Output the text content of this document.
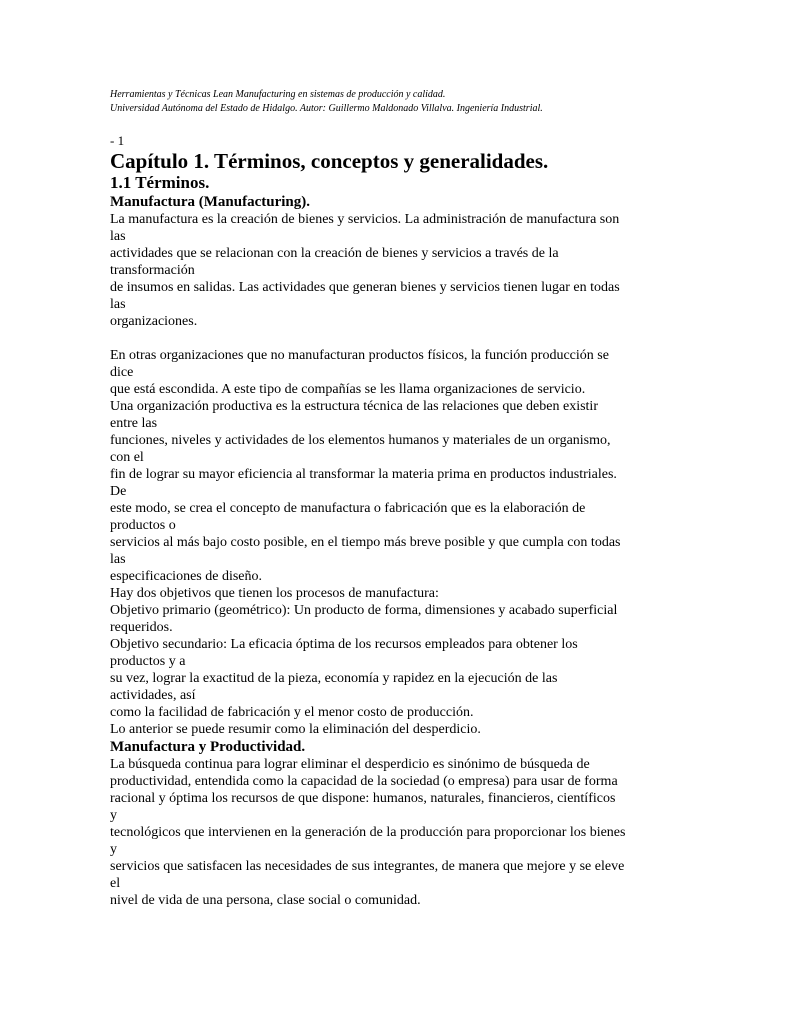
Herramientas y Técnicas Lean Manufacturing en sistemas de producción y calidad.
Universidad Autónoma del Estado de Hidalgo. Autor: Guillermo Maldonado Villalva. Ingeniería Industrial.
- 1
Capítulo 1. Términos, conceptos y generalidades.
1.1 Términos.
Manufactura (Manufacturing).
La manufactura es la creación de bienes y servicios. La administración de manufactura son
las
actividades que se relacionan con la creación de bienes y servicios a través de la
transformación
de insumos en salidas. Las actividades que generan bienes y servicios tienen lugar en todas
las
organizaciones.
En otras organizaciones que no manufacturan productos físicos, la función producción se
dice
que está escondida. A este tipo de compañías se les llama organizaciones de servicio.
Una organización productiva es la estructura técnica de las relaciones que deben existir
entre las
funciones, niveles y actividades de los elementos humanos y materiales de un organismo,
con el
fin de lograr su mayor eficiencia al transformar la materia prima en productos industriales.
De
este modo, se crea el concepto de manufactura o fabricación que es la elaboración de
productos o
servicios al más bajo costo posible, en el tiempo más breve posible y que cumpla con todas
las
especificaciones de diseño.
Hay dos objetivos que tienen los procesos de manufactura:
Objetivo primario (geométrico): Un producto de forma, dimensiones y acabado superficial
requeridos.
Objetivo secundario: La eficacia óptima de los recursos empleados para obtener los
productos y a
su vez, lograr la exactitud de la pieza, economía y rapidez en la ejecución de las
actividades, así
como la facilidad de fabricación y el menor costo de producción.
Lo anterior se puede resumir como la eliminación del desperdicio.
Manufactura y Productividad.
La búsqueda continua para lograr eliminar el desperdicio es sinónimo de búsqueda de
productividad, entendida como la capacidad de la sociedad (o empresa) para usar de forma
racional y óptima los recursos de que dispone: humanos, naturales, financieros, científicos
y
tecnológicos que intervienen en la generación de la producción para proporcionar los bienes
y
servicios que satisfacen las necesidades de sus integrantes, de manera que mejore y se eleve
el
nivel de vida de una persona, clase social o comunidad.
